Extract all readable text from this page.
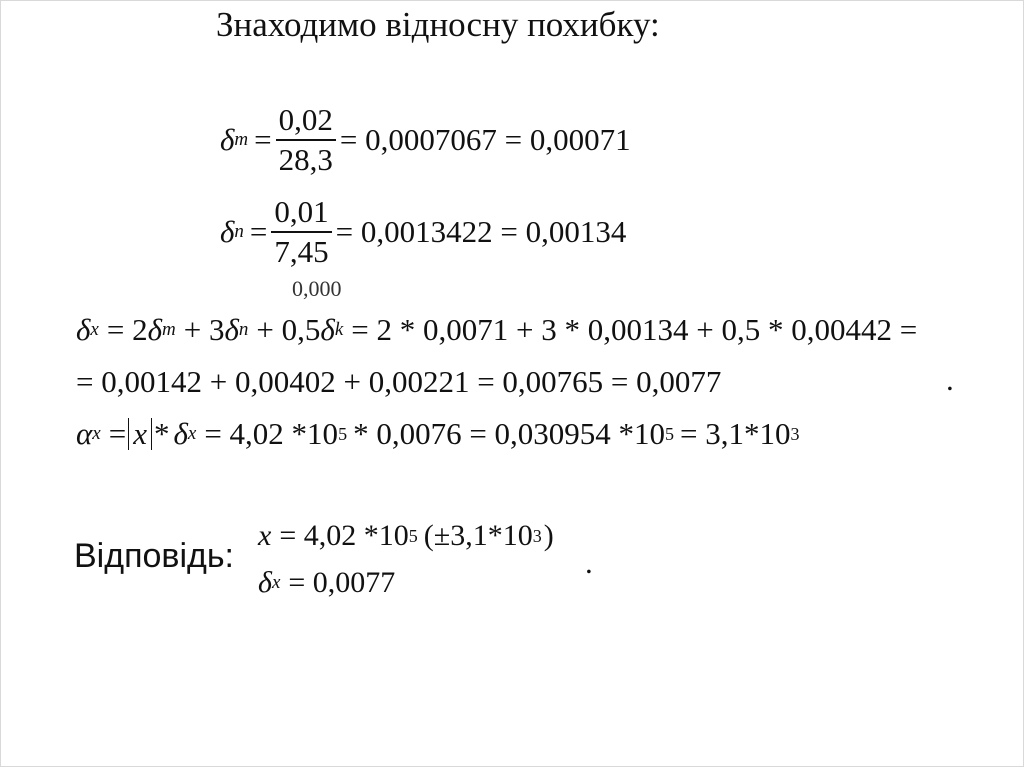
Знаходимо відносну похибку:
δ $m = \frac{0,02}{28,3} = 0,0007067 = 0,00071$
δ $n = \frac{0,01}{7,45} = 0,0013422 = 0,00134$
0,000
δ x = 2 δ m + 3 δ n + 0,5 δ k = 2 * 0,0071 + 3 * 0,00134 + 0,5 * 0,00442 =
= 0,00142 + 0,00402 + 0,00221 = 0,00765 = 0,0077	.
α x = x * δ x = 4,02 *10 5 * 0,0076 = 0,030954 *10 5 = 3,1*10 3
Відповідь:
x = 4,02 *10 5 (±3,1*10 3 )
.
δ x = 0,0077
